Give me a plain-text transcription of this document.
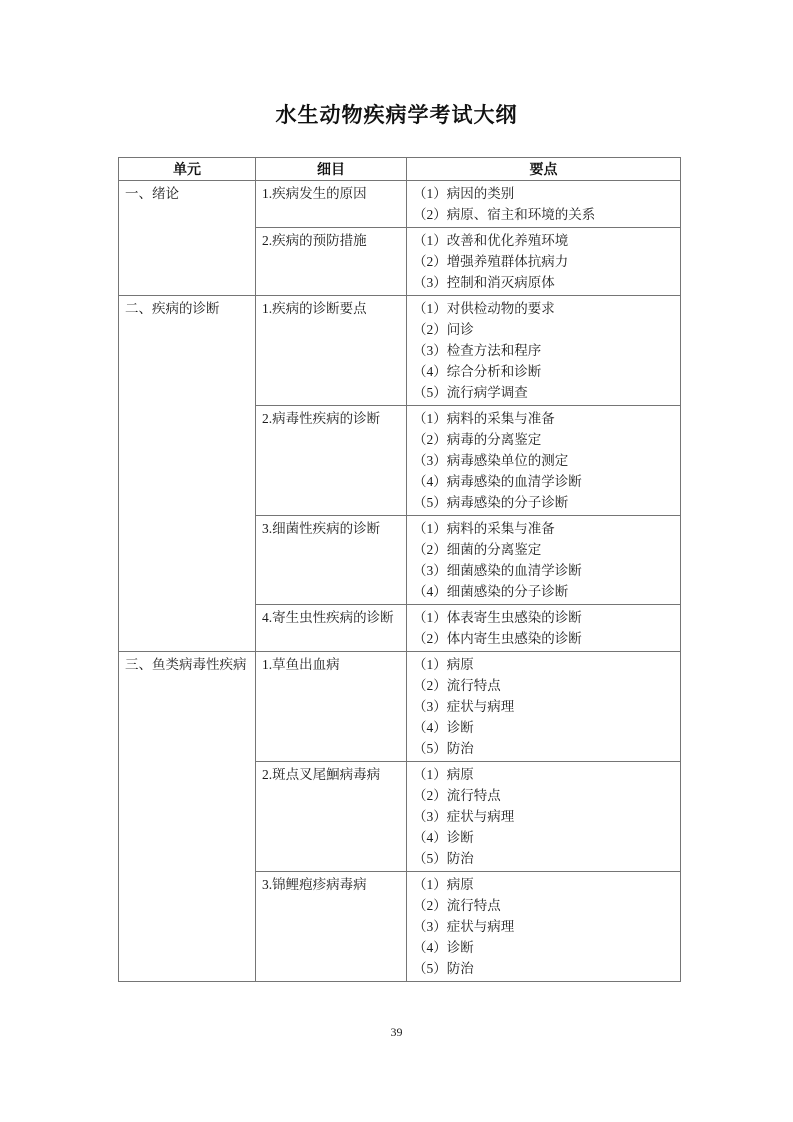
水生动物疾病学考试大纲
单元	细目	要点
一、绪论	1.疾病发生的原因	（1）病因的类别
（2）病原、宿主和环境的关系

	2.疾病的预防措施	（1）改善和优化养殖环境
（2）增强养殖群体抗病力
（3）控制和消灭病原体

二、疾病的诊断	1.疾病的诊断要点	（1）对供检动物的要求
（2）问诊
（3）检查方法和程序
（4）综合分析和诊断
（5）流行病学调查

	2.病毒性疾病的诊断	（1）病料的采集与准备
（2）病毒的分离鉴定
（3）病毒感染单位的测定
（4）病毒感染的血清学诊断
（5）病毒感染的分子诊断

	3.细菌性疾病的诊断	（1）病料的采集与准备
（2）细菌的分离鉴定
（3）细菌感染的血清学诊断
（4）细菌感染的分子诊断

	4.寄生虫性疾病的诊断	（1）体表寄生虫感染的诊断
（2）体内寄生虫感染的诊断

三、鱼类病毒性疾病	1.草鱼出血病	（1）病原
（2）流行特点
（3）症状与病理
（4）诊断
（5）防治

	2.斑点叉尾鮰病毒病	（1）病原
（2）流行特点
（3）症状与病理
（4）诊断
（5）防治

	3.锦鲤疱疹病毒病	（1）病原
（2）流行特点
（3）症状与病理
（4）诊断
（5）防治
39
